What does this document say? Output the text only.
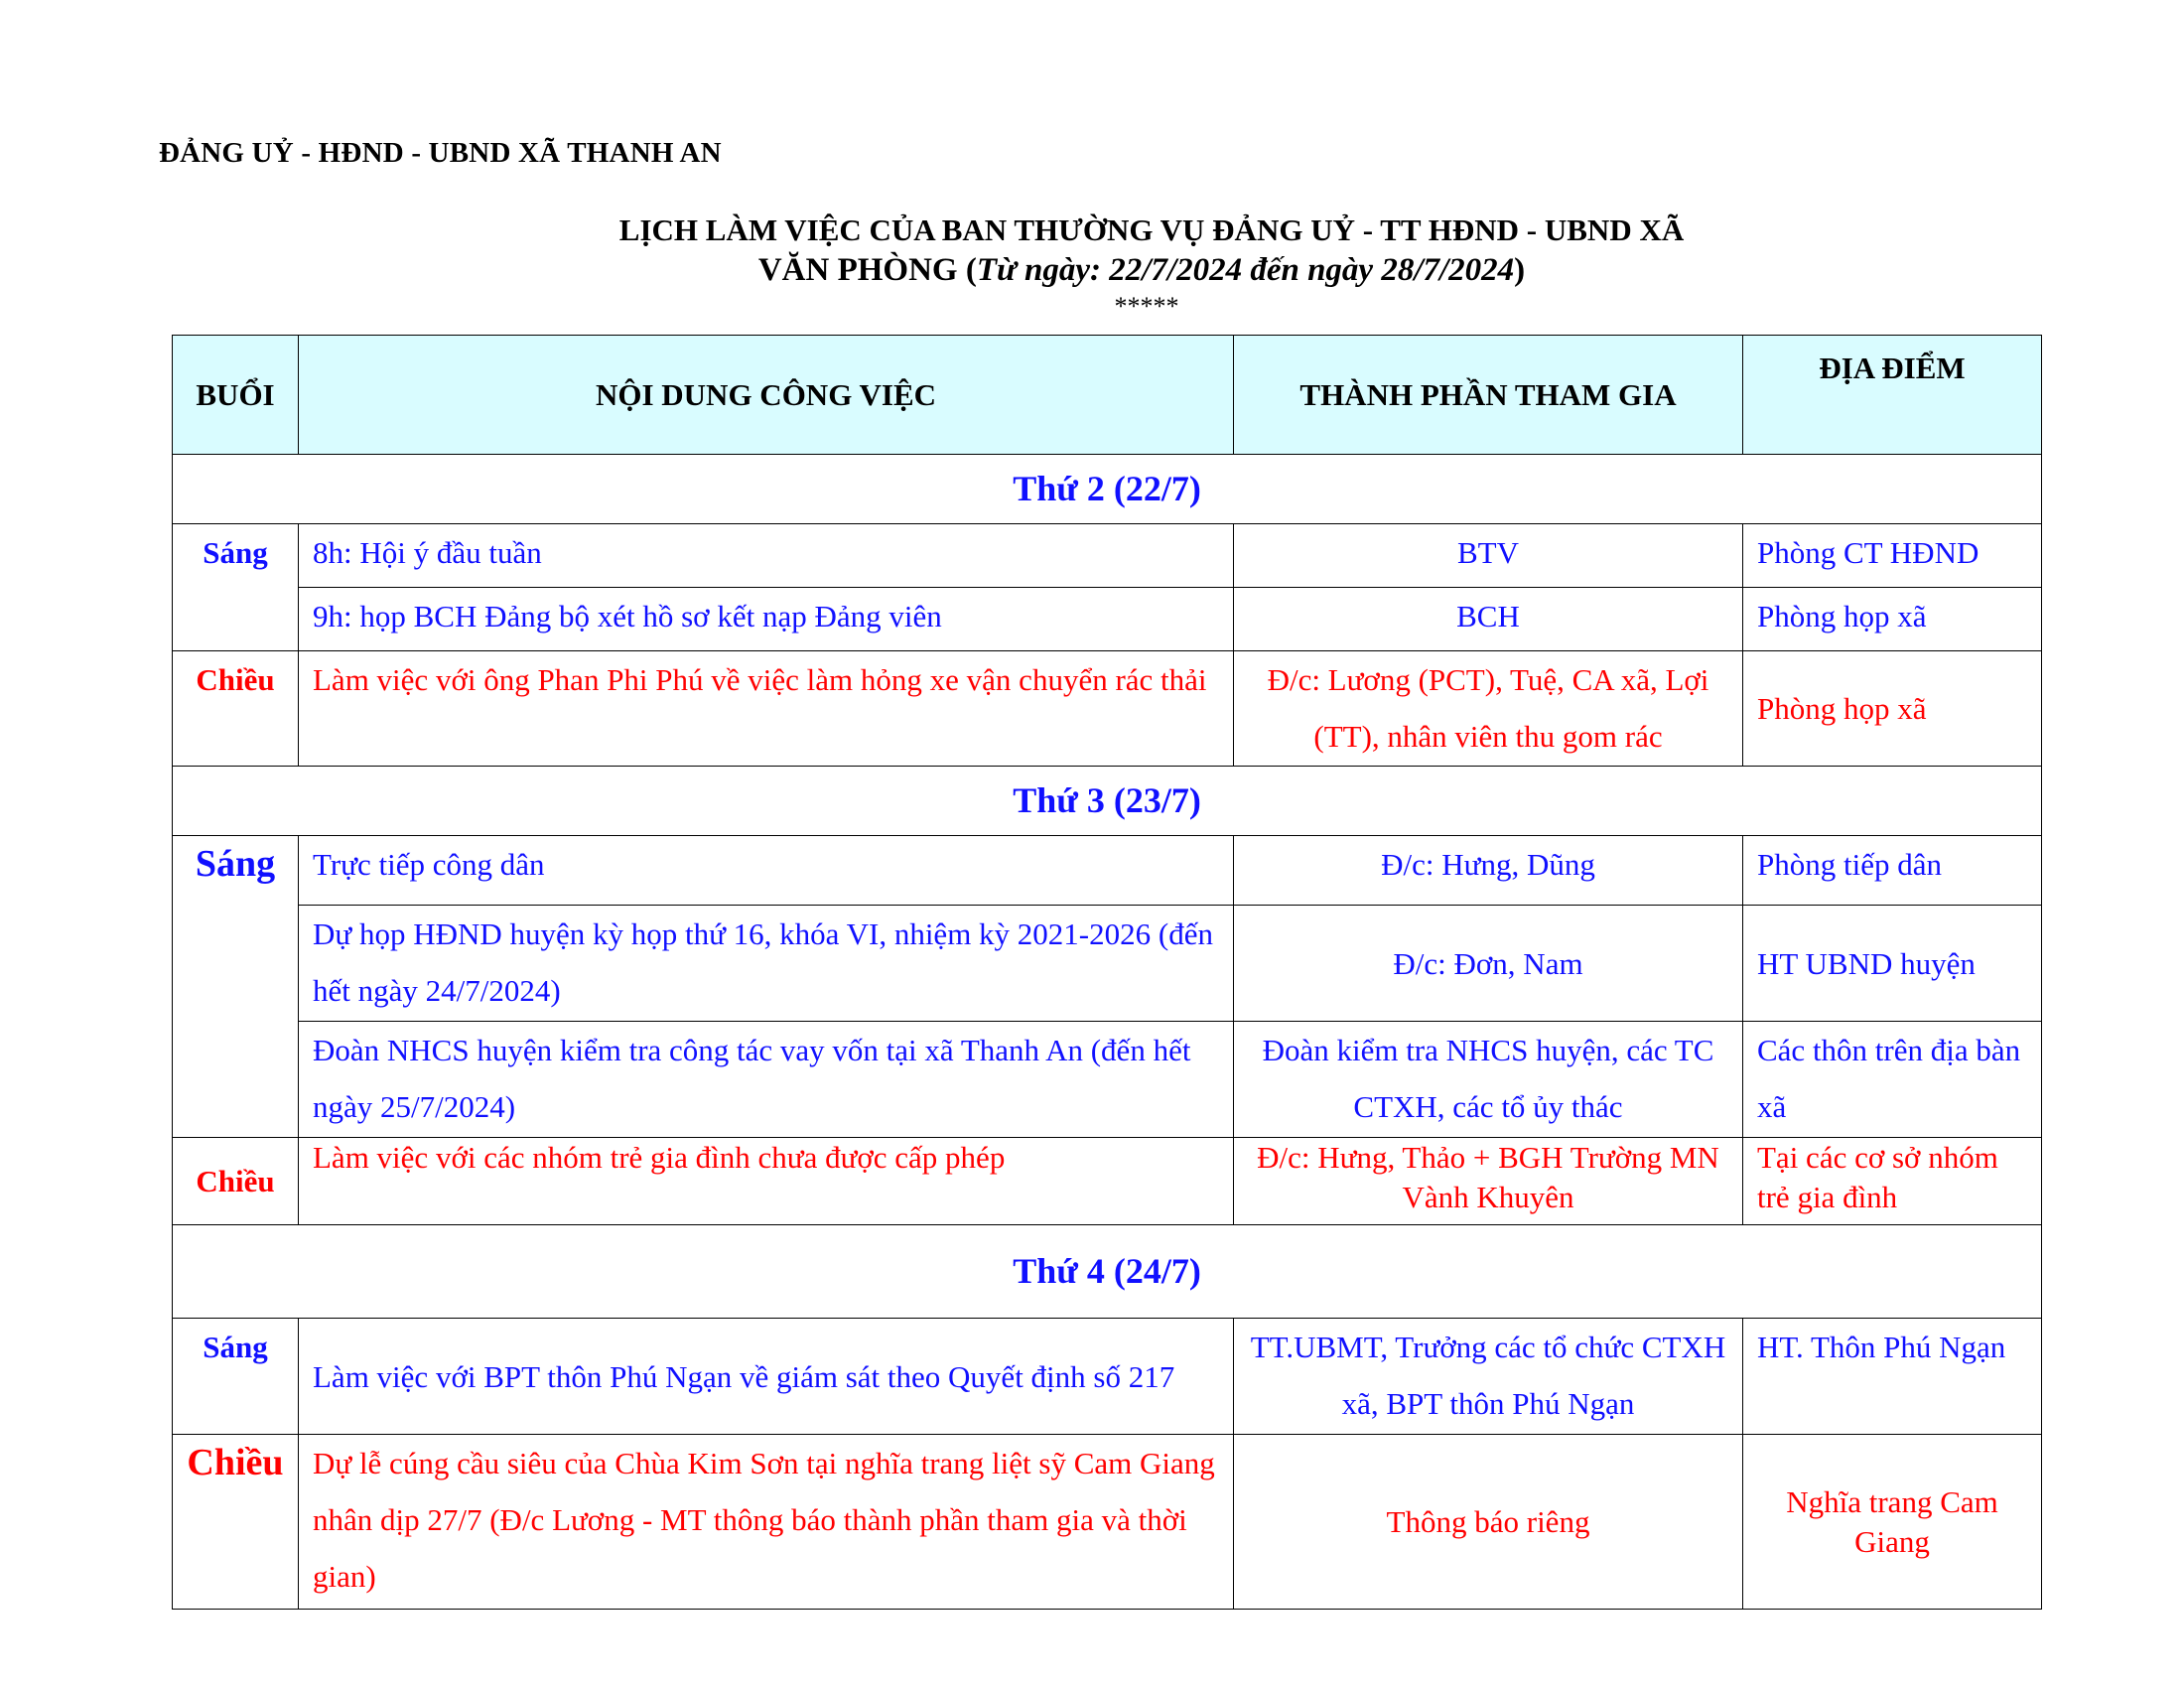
ĐẢNG UỶ - HĐND - UBND XÃ THANH AN
LỊCH LÀM VIỆC CỦA BAN THƯỜNG VỤ ĐẢNG UỶ - TT HĐND - UBND XÃ
VĂN PHÒNG (Từ ngày: 22/7/2024 đến ngày 28/7/2024)
*****
BUỔI	NỘI DUNG CÔNG VIỆC	THÀNH PHẦN THAM GIA	ĐỊA ĐIỂM
Thứ 2 (22/7)			
Sáng	8h: Hội ý đầu tuần	BTV	Phòng CT HĐND
	9h: họp BCH Đảng bộ xét hồ sơ kết nạp Đảng viên	BCH	Phòng họp xã
Chiều	Làm việc với ông Phan Phi Phú về việc làm hỏng xe vận chuyển rác thải	Đ/c: Lương (PCT), Tuệ, CA xã, Lợi (TT), nhân viên thu gom rác	Phòng họp xã
Thứ 3 (23/7)			
Sáng	Trực tiếp công dân	Đ/c: Hưng, Dũng	Phòng tiếp dân
	Dự họp HĐND huyện kỳ họp thứ 16, khóa VI, nhiệm kỳ 2021-2026 (đến hết ngày 24/7/2024)	Đ/c: Đơn, Nam	HT UBND huyện
	Đoàn NHCS huyện kiểm tra công tác vay vốn tại xã Thanh An (đến hết ngày 25/7/2024)	Đoàn kiểm tra NHCS huyện, các TC CTXH, các tổ ủy thác	Các thôn trên địa bàn xã
Chiều	Làm việc với các nhóm trẻ gia đình chưa được cấp phép	Đ/c: Hưng, Thảo + BGH Trường MN Vành Khuyên	Tại các cơ sở nhóm trẻ gia đình
Thứ 4 (24/7)			
Sáng	Làm việc với BPT thôn Phú Ngạn về giám sát theo Quyết định số 217	TT.UBMT, Trưởng các tổ chức CTXH xã, BPT thôn Phú Ngạn	HT. Thôn Phú Ngạn
Chiều	Dự lễ cúng cầu siêu của Chùa Kim Sơn tại nghĩa trang liệt sỹ Cam Giang nhân dịp 27/7 (Đ/c Lương - MT thông báo thành phần tham gia và thời gian)	Thông báo riêng	Nghĩa trang Cam Giang
